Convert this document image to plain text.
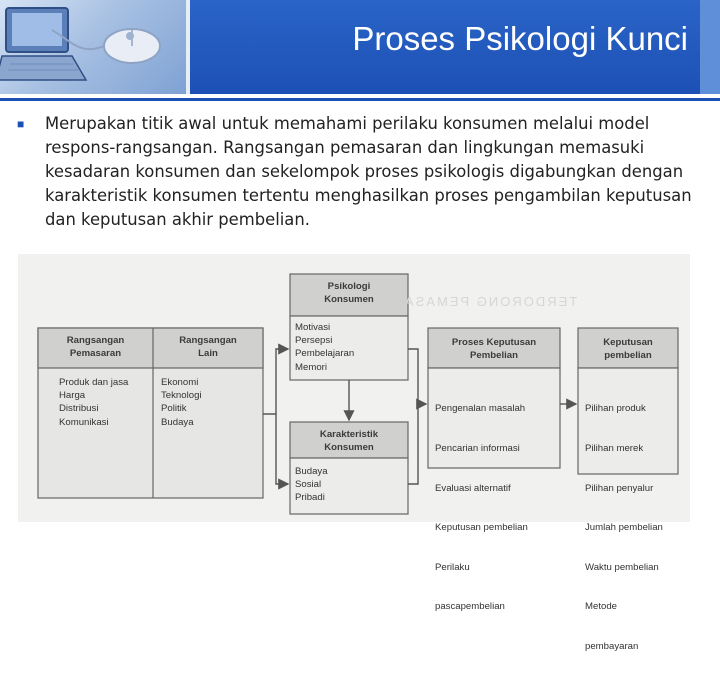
Proses Psikologi Kunci
■ Merupakan titik awal untuk memahami perilaku konsumen melalui model respons-rangsangan. Rangsangan pemasaran dan lingkungan memasuki kesadaran konsumen dan sekelompok proses psikologis digabungkan dengan karakteristik konsumen tertentu menghasilkan proses pengambilan keputusan dan keputusan akhir pembelian.
TERDORONG PEMASA
Psikologi
Konsumen
Motivasi
Persepsi
Pembelajaran
Memori
Rangsangan
Pemasaran
Produk dan jasa
Harga
Distribusi
Komunikasi
Rangsangan
Lain
Ekonomi
Teknologi
Politik
Budaya
Karakteristik
Konsumen
Budaya
Sosial
Pribadi
Proses Keputusan
Pembelian

Pengenalan masalah

Pencarian informasi

Evaluasi alternatif

Keputusan pembelian

Perilaku

pascapembelian

Keputusan
pembelian

Pilihan produk

Pilihan merek

Pilihan penyalur

Jumlah pembelian

Waktu pembelian

Metode

pembayaran
